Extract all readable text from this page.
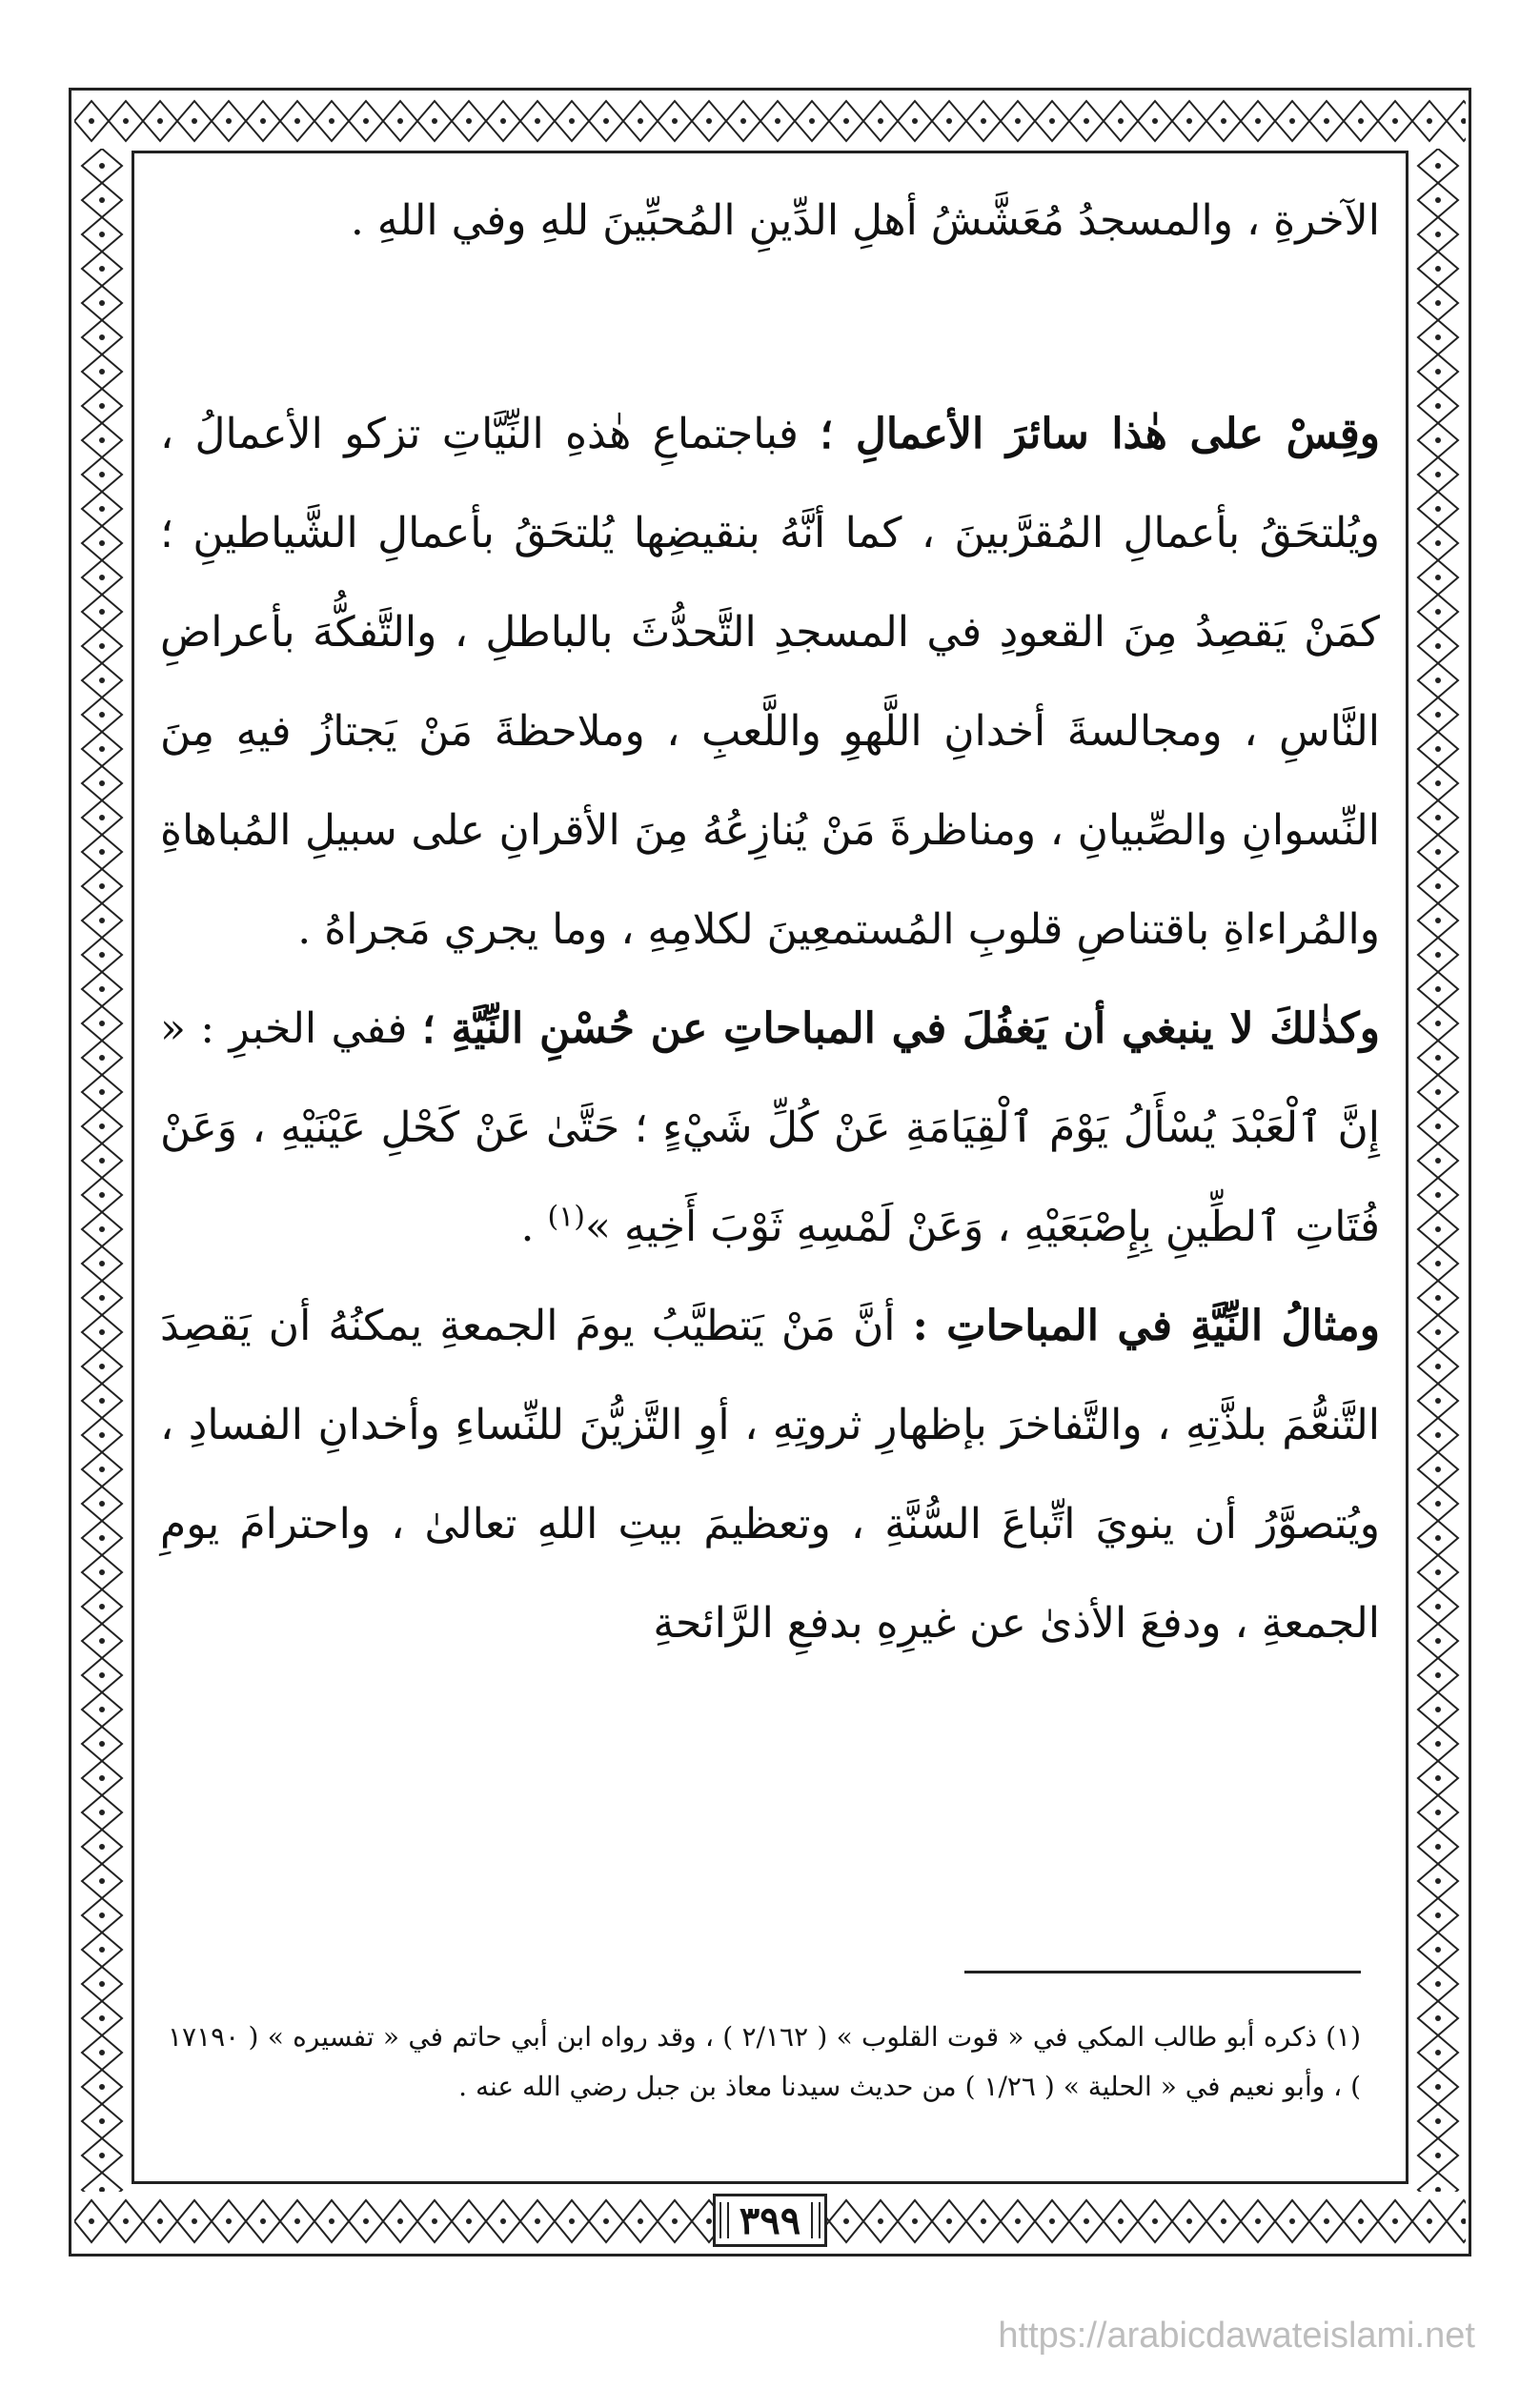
الآخرةِ ، والمسجدُ مُعَشَّشُ أهلِ الدِّينِ المُحبِّينَ للهِ وفي اللهِ .

وقِسْ على هٰذا سائرَ الأعمالِ ؛ فباجتماعِ هٰذهِ النِّيَّاتِ تزكو الأعمالُ ، ويُلتحَقُ بأعمالِ المُقرَّبينَ ، كما أنَّهُ بنقيضِها يُلتحَقُ بأعمالِ الشَّياطينِ ؛ كمَنْ يَقصِدُ مِنَ القعودِ في المسجدِ التَّحدُّثَ بالباطلِ ، والتَّفكُّهَ بأعراضِ النَّاسِ ، ومجالسةَ أخدانِ اللَّهوِ واللَّعبِ ، وملاحظةَ مَنْ يَجتازُ فيهِ مِنَ النِّسوانِ والصِّبيانِ ، ومناظرةَ مَنْ يُنازِعُهُ مِنَ الأقرانِ على سبيلِ المُباهاةِ والمُراءاةِ باقتناصِ قلوبِ المُستمعِينَ لكلامِهِ ، وما يجري مَجراهُ .

وكذٰلكَ لا ينبغي أن يَغفُلَ في المباحاتِ عن حُسْنِ النِّيَّةِ ؛ ففي الخبرِ : « إِنَّ ٱلْعَبْدَ يُسْأَلُ يَوْمَ ٱلْقِيَامَةِ عَنْ كُلِّ شَيْءٍ ؛ حَتَّىٰ عَنْ كَحْلِ عَيْنَيْهِ ، وَعَنْ فُتَاتِ ٱلطِّينِ بِإِصْبَعَيْهِ ، وَعَنْ لَمْسِهِ ثَوْبَ أَخِيهِ »$^{(١)}$ .

ومثالُ النِّيَّةِ في المباحاتِ : أنَّ مَنْ يَتطيَّبُ يومَ الجمعةِ يمكنُهُ أن يَقصِدَ التَّنعُّمَ بلذَّتِهِ ، والتَّفاخرَ بإظهارِ ثروتِهِ ، أوِ التَّزيُّنَ للنِّساءِ وأخدانِ الفسادِ ، ويُتصوَّرُ أن ينويَ اتِّباعَ السُّنَّةِ ، وتعظيمَ بيتِ اللهِ تعالىٰ ، واحترامَ يومِ الجمعةِ ، ودفعَ الأذىٰ عن غيرِهِ بدفعِ الرَّائحةِ

(١) ذكره أبو طالب المكي في « قوت القلوب » ( ٢/١٦٢ ) ، وقد رواه ابن أبي حاتم في « تفسيره » ( ١٧١٩٠ ) ، وأبو نعيم في « الحلية » ( ١/٢٦ ) من حديث سيدنا معاذ بن جبل رضي الله عنه .

٣٩٩
https://arabicdawateislami.net
